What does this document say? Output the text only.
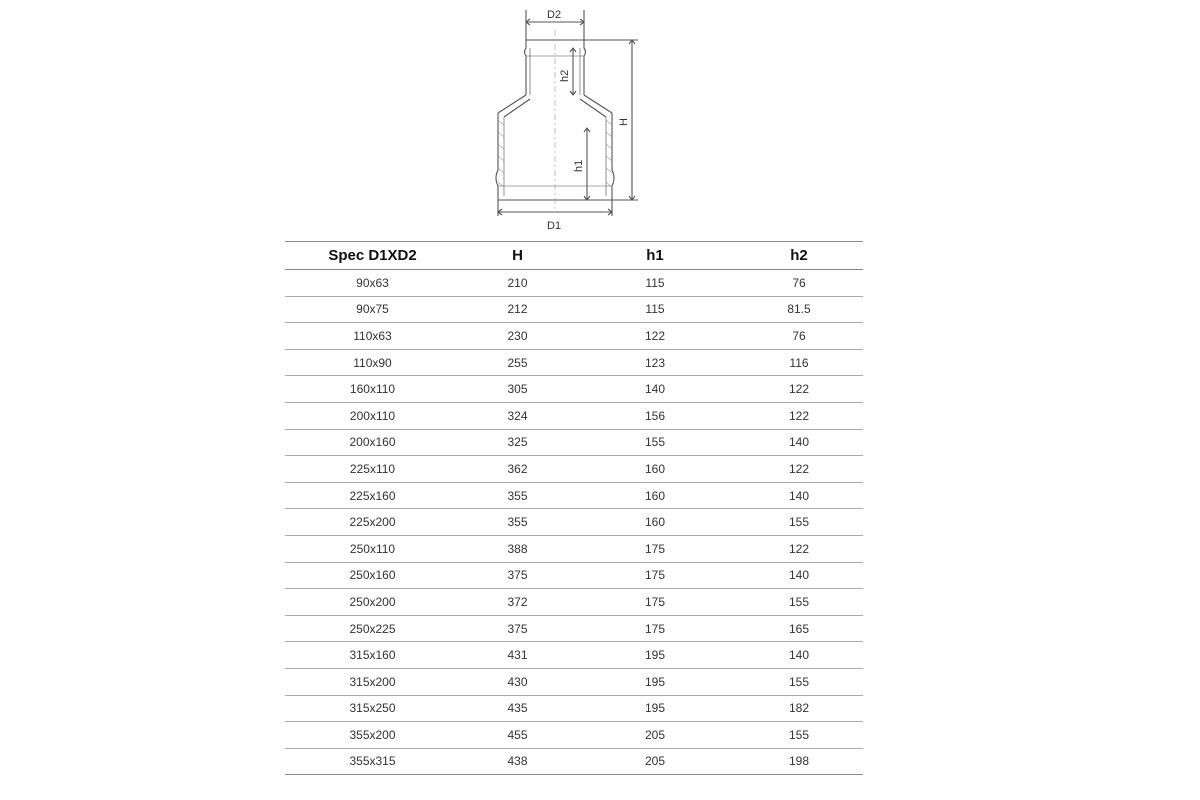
D2
h2
h1
H
D1
Spec D1XD2	H	h1	h2
90x63	210	115	76
90x75	212	115	81.5
110x63	230	122	76
110x90	255	123	116
160x110	305	140	122
200x110	324	156	122
200x160	325	155	140
225x110	362	160	122
225x160	355	160	140
225x200	355	160	155
250x110	388	175	122
250x160	375	175	140
250x200	372	175	155
250x225	375	175	165
315x160	431	195	140
315x200	430	195	155
315x250	435	195	182
355x200	455	205	155
355x315	438	205	198
